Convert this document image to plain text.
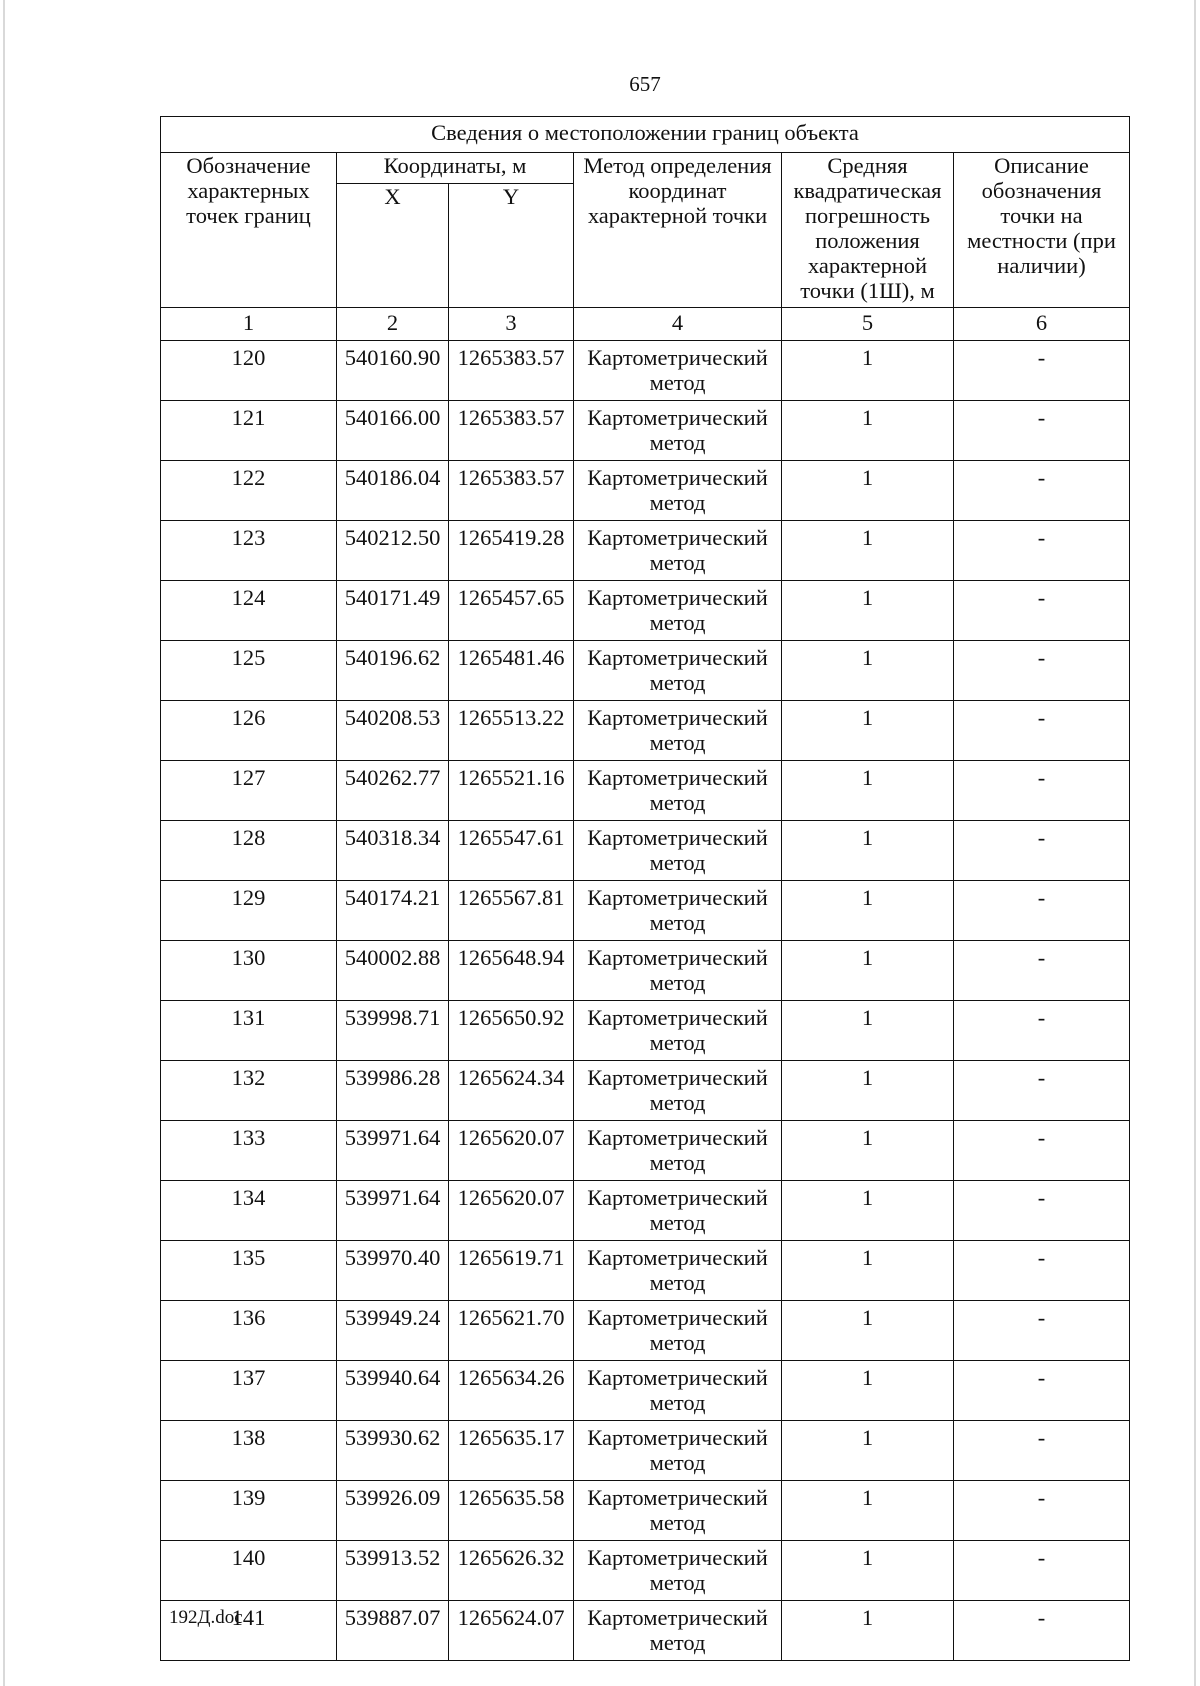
657
Сведения о местоположении границ объекта					
Обозначение характерных точек границ	Координаты, м		Метод определения координат характерной точки	Средняя квадратическая погрешность положения характерной точки (1Ш), м	Описание обозначения точки на местности (при наличии)
	X	Y			
1	2	3	4	5	6
120	540160.90	1265383.57	Картометрический метод	1	-
121	540166.00	1265383.57	Картометрический метод	1	-
122	540186.04	1265383.57	Картометрический метод	1	-
123	540212.50	1265419.28	Картометрический метод	1	-
124	540171.49	1265457.65	Картометрический метод	1	-
125	540196.62	1265481.46	Картометрический метод	1	-
126	540208.53	1265513.22	Картометрический метод	1	-
127	540262.77	1265521.16	Картометрический метод	1	-
128	540318.34	1265547.61	Картометрический метод	1	-
129	540174.21	1265567.81	Картометрический метод	1	-
130	540002.88	1265648.94	Картометрический метод	1	-
131	539998.71	1265650.92	Картометрический метод	1	-
132	539986.28	1265624.34	Картометрический метод	1	-
133	539971.64	1265620.07	Картометрический метод	1	-
134	539971.64	1265620.07	Картометрический метод	1	-
135	539970.40	1265619.71	Картометрический метод	1	-
136	539949.24	1265621.70	Картометрический метод	1	-
137	539940.64	1265634.26	Картометрический метод	1	-
138	539930.62	1265635.17	Картометрический метод	1	-
139	539926.09	1265635.58	Картометрический метод	1	-
140	539913.52	1265626.32	Картометрический метод	1	-
141	539887.07	1265624.07	Картометрический метод	1	-
192Д.doc
